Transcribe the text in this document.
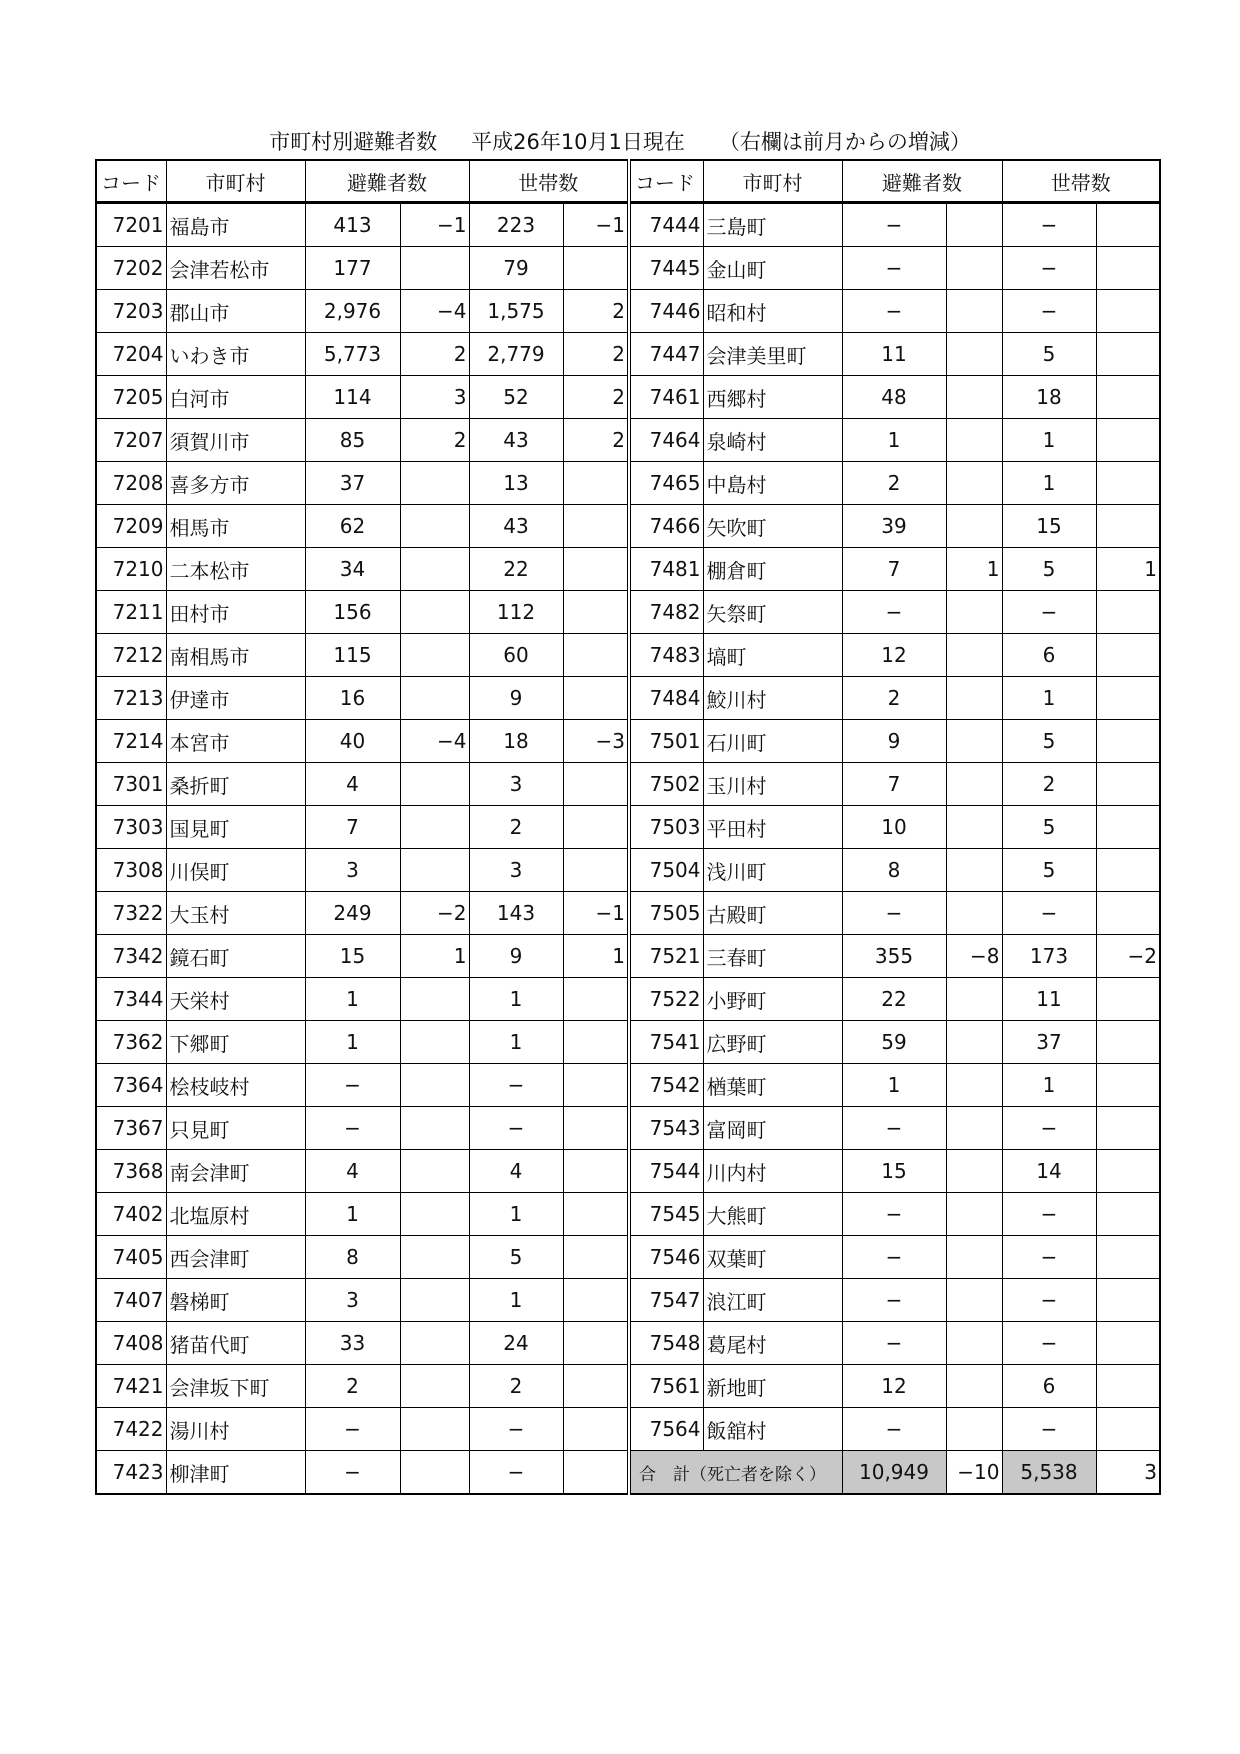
市町村別避難者数 平成26年10月1日現在 （右欄は前月からの増減）
コード	市町村	避難者数		世帯数		コード	市町村	避難者数		世帯数	
7201	福島市	413	−1	223	−1	7444	三島町	−		−	
7202	会津若松市	177		79		7445	金山町	−		−	
7203	郡山市	2,976	−4	1,575	2	7446	昭和村	−		−	
7204	いわき市	5,773	2	2,779	2	7447	会津美里町	11		5	
7205	白河市	114	3	52	2	7461	西郷村	48		18	
7207	須賀川市	85	2	43	2	7464	泉崎村	1		1	
7208	喜多方市	37		13		7465	中島村	2		1	
7209	相馬市	62		43		7466	矢吹町	39		15	
7210	二本松市	34		22		7481	棚倉町	7	1	5	1
7211	田村市	156		112		7482	矢祭町	−		−	
7212	南相馬市	115		60		7483	塙町	12		6	
7213	伊達市	16		9		7484	鮫川村	2		1	
7214	本宮市	40	−4	18	−3	7501	石川町	9		5	
7301	桑折町	4		3		7502	玉川村	7		2	
7303	国見町	7		2		7503	平田村	10		5	
7308	川俣町	3		3		7504	浅川町	8		5	
7322	大玉村	249	−2	143	−1	7505	古殿町	−		−	
7342	鏡石町	15	1	9	1	7521	三春町	355	−8	173	−2
7344	天栄村	1		1		7522	小野町	22		11	
7362	下郷町	1		1		7541	広野町	59		37	
7364	桧枝岐村	−		−		7542	楢葉町	1		1	
7367	只見町	−		−		7543	富岡町	−		−	
7368	南会津町	4		4		7544	川内村	15		14	
7402	北塩原村	1		1		7545	大熊町	−		−	
7405	西会津町	8		5		7546	双葉町	−		−	
7407	磐梯町	3		1		7547	浪江町	−		−	
7408	猪苗代町	33		24		7548	葛尾村	−		−	
7421	会津坂下町	2		2		7561	新地町	12		6	
7422	湯川村	−		−		7564	飯舘村	−		−	
7423	柳津町	−		−		合　計（死亡者を除く）		10,949	−10	5,538	3
